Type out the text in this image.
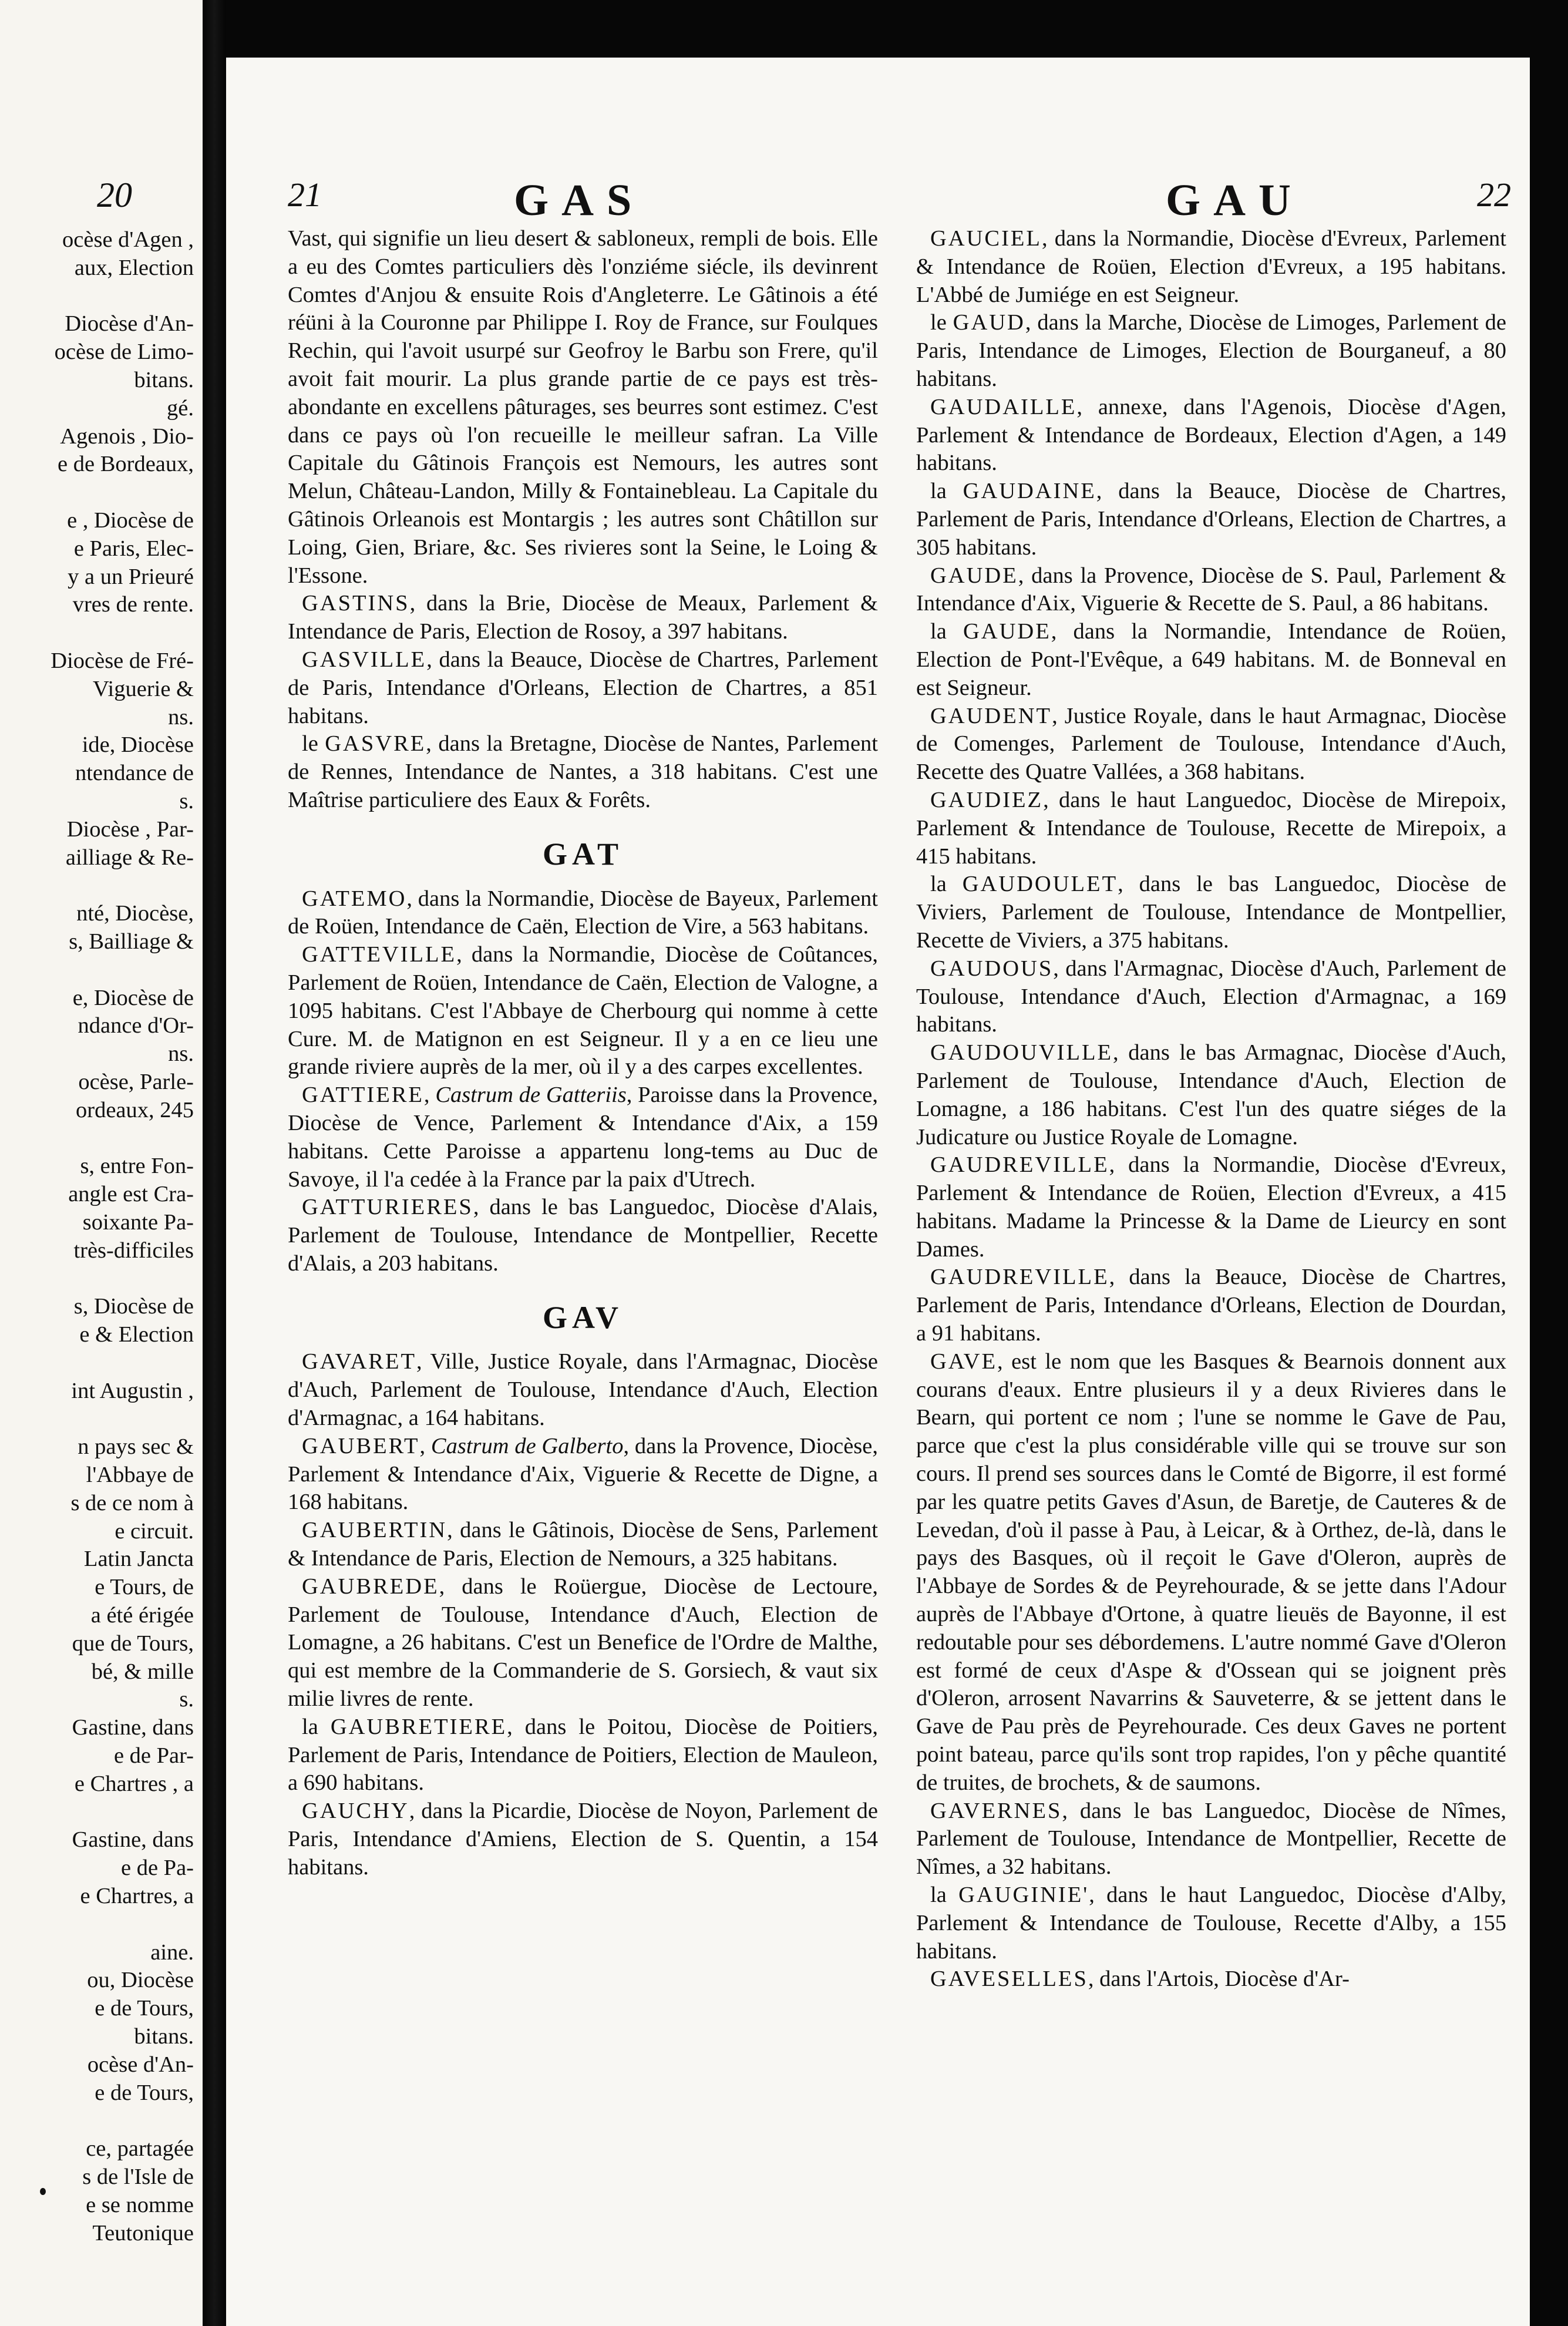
20
ocèse d'Agen ,
aux, Election
Diocèse d'An-
ocèse de Limo-
bitans.
gé.
Agenois , Dio-
e de Bordeaux,
e , Diocèse de
e Paris, Elec-
y a un Prieuré
vres de rente.
Diocèse de Fré-
Viguerie &
ns.
ide, Diocèse
ntendance de
s.
Diocèse , Par-
ailliage & Re-
nté, Diocèse,
s, Bailliage &
e, Diocèse de
ndance d'Or-
ns.
ocèse, Parle-
ordeaux, 245
s, entre Fon-
angle est Cra-
soixante Pa-
très-difficiles
s, Diocèse de
e & Election
int Augustin ,
n pays sec &
l'Abbaye de
s de ce nom à
e circuit.
Latin Jancta
e Tours, de
a été érigée
que de Tours,
bé, & mille
s.
Gastine, dans
e de Par-
e Chartres , a
Gastine, dans
e de Pa-
e Chartres, a
aine.
ou, Diocèse
e de Tours,
bitans.
ocèse d'An-
e de Tours,
ce, partagée
s de l'Isle de
e se nomme
Teutonique
21	GAS	GAU	22
Vast, qui signifie un lieu desert & sabloneux, rempli de bois. Elle a eu des Comtes particuliers dès l'onziéme siécle, ils devinrent Comtes d'Anjou & ensuite Rois d'Angleterre. Le Gâtinois a été réüni à la Couronne par Philippe I. Roy de France, sur Foulques Rechin, qui l'avoit usurpé sur Geofroy le Barbu son Frere, qu'il avoit fait mourir. La plus grande partie de ce pays est très-abondante en excellens pâturages, ses beurres sont estimez. C'est dans ce pays où l'on recueille le meilleur safran. La Ville Capitale du Gâtinois François est Nemours, les autres sont Melun, Château-Landon, Milly & Fontainebleau. La Capitale du Gâtinois Orleanois est Montargis ; les autres sont Châtillon sur Loing, Gien, Briare, &c. Ses rivieres sont la Seine, le Loing & l'Essone.
GASTINS, dans la Brie, Diocèse de Meaux, Parlement & Intendance de Paris, Election de Rosoy, a 397 habitans.
GASVILLE, dans la Beauce, Diocèse de Chartres, Parlement de Paris, Intendance d'Orleans, Election de Chartres, a 851 habitans.
le GASVRE, dans la Bretagne, Diocèse de Nantes, Parlement de Rennes, Intendance de Nantes, a 318 habitans. C'est une Maîtrise particuliere des Eaux & Forêts.
GAT
GATEMO, dans la Normandie, Diocèse de Bayeux, Parlement de Roüen, Intendance de Caën, Election de Vire, a 563 habitans.
GATTEVILLE, dans la Normandie, Diocèse de Coûtances, Parlement de Roüen, Intendance de Caën, Election de Valogne, a 1095 habitans. C'est l'Abbaye de Cherbourg qui nomme à cette Cure. M. de Matignon en est Seigneur. Il y a en ce lieu une grande riviere auprès de la mer, où il y a des carpes excellentes.
GATTIERE, Castrum de Gatteriis, Paroisse dans la Provence, Diocèse de Vence, Parlement & Intendance d'Aix, a 159 habitans. Cette Paroisse a appartenu long-tems au Duc de Savoye, il l'a cedée à la France par la paix d'Utrech.
GATTURIERES, dans le bas Languedoc, Diocèse d'Alais, Parlement de Toulouse, Intendance de Montpellier, Recette d'Alais, a 203 habitans.
GAV
GAVARET, Ville, Justice Royale, dans l'Armagnac, Diocèse d'Auch, Parlement de Toulouse, Intendance d'Auch, Election d'Armagnac, a 164 habitans.
GAUBERT, Castrum de Galberto, dans la Provence, Diocèse, Parlement & Intendance d'Aix, Viguerie & Recette de Digne, a 168 habitans.
GAUBERTIN, dans le Gâtinois, Diocèse de Sens, Parlement & Intendance de Paris, Election de Nemours, a 325 habitans.
GAUBREDE, dans le Roüergue, Diocèse de Lectoure, Parlement de Toulouse, Intendance d'Auch, Election de Lomagne, a 26 habitans. C'est un Benefice de l'Ordre de Malthe, qui est membre de la Commanderie de S. Gorsiech, & vaut six milie livres de rente.
la GAUBRETIERE, dans le Poitou, Diocèse de Poitiers, Parlement de Paris, Intendance de Poitiers, Election de Mauleon, a 690 habitans.
GAUCHY, dans la Picardie, Diocèse de Noyon, Parlement de Paris, Intendance d'Amiens, Election de S. Quentin, a 154 habitans.
GAUCIEL, dans la Normandie, Diocèse d'Evreux, Parlement & Intendance de Roüen, Election d'Evreux, a 195 habitans. L'Abbé de Jumiége en est Seigneur.
le GAUD, dans la Marche, Diocèse de Limoges, Parlement de Paris, Intendance de Limoges, Election de Bourganeuf, a 80 habitans.
GAUDAILLE, annexe, dans l'Agenois, Diocèse d'Agen, Parlement & Intendance de Bordeaux, Election d'Agen, a 149 habitans.
la GAUDAINE, dans la Beauce, Diocèse de Chartres, Parlement de Paris, Intendance d'Orleans, Election de Chartres, a 305 habitans.
GAUDE, dans la Provence, Diocèse de S. Paul, Parlement & Intendance d'Aix, Viguerie & Recette de S. Paul, a 86 habitans.
la GAUDE, dans la Normandie, Intendance de Roüen, Election de Pont-l'Evêque, a 649 habitans. M. de Bonneval en est Seigneur.
GAUDENT, Justice Royale, dans le haut Armagnac, Diocèse de Comenges, Parlement de Toulouse, Intendance d'Auch, Recette des Quatre Vallées, a 368 habitans.
GAUDIEZ, dans le haut Languedoc, Diocèse de Mirepoix, Parlement & Intendance de Toulouse, Recette de Mirepoix, a 415 habitans.
la GAUDOULET, dans le bas Languedoc, Diocèse de Viviers, Parlement de Toulouse, Intendance de Montpellier, Recette de Viviers, a 375 habitans.
GAUDOUS, dans l'Armagnac, Diocèse d'Auch, Parlement de Toulouse, Intendance d'Auch, Election d'Armagnac, a 169 habitans.
GAUDOUVILLE, dans le bas Armagnac, Diocèse d'Auch, Parlement de Toulouse, Intendance d'Auch, Election de Lomagne, a 186 habitans. C'est l'un des quatre siéges de la Judicature ou Justice Royale de Lomagne.
GAUDREVILLE, dans la Normandie, Diocèse d'Evreux, Parlement & Intendance de Roüen, Election d'Evreux, a 415 habitans. Madame la Princesse & la Dame de Lieurcy en sont Dames.
GAUDREVILLE, dans la Beauce, Diocèse de Chartres, Parlement de Paris, Intendance d'Orleans, Election de Dourdan, a 91 habitans.
GAVE, est le nom que les Basques & Bearnois donnent aux courans d'eaux. Entre plusieurs il y a deux Rivieres dans le Bearn, qui portent ce nom ; l'une se nomme le Gave de Pau, parce que c'est la plus considérable ville qui se trouve sur son cours. Il prend ses sources dans le Comté de Bigorre, il est formé par les quatre petits Gaves d'Asun, de Baretje, de Cauteres & de Levedan, d'où il passe à Pau, à Leicar, & à Orthez, de-là, dans le pays des Basques, où il reçoit le Gave d'Oleron, auprès de l'Abbaye de Sordes & de Peyrehourade, & se jette dans l'Adour auprès de l'Abbaye d'Ortone, à quatre lieuës de Bayonne, il est redoutable pour ses débordemens. L'autre nommé Gave d'Oleron est formé de ceux d'Aspe & d'Ossean qui se joignent près d'Oleron, arrosent Navarrins & Sauveterre, & se jettent dans le Gave de Pau près de Peyrehourade. Ces deux Gaves ne portent point bateau, parce qu'ils sont trop rapides, l'on y pêche quantité de truites, de brochets, & de saumons.
GAVERNES, dans le bas Languedoc, Diocèse de Nîmes, Parlement de Toulouse, Intendance de Montpellier, Recette de Nîmes, a 32 habitans.
la GAUGINIE', dans le haut Languedoc, Diocèse d'Alby, Parlement & Intendance de Toulouse, Recette d'Alby, a 155 habitans.
GAVESELLES, dans l'Artois, Diocèse d'Ar-
